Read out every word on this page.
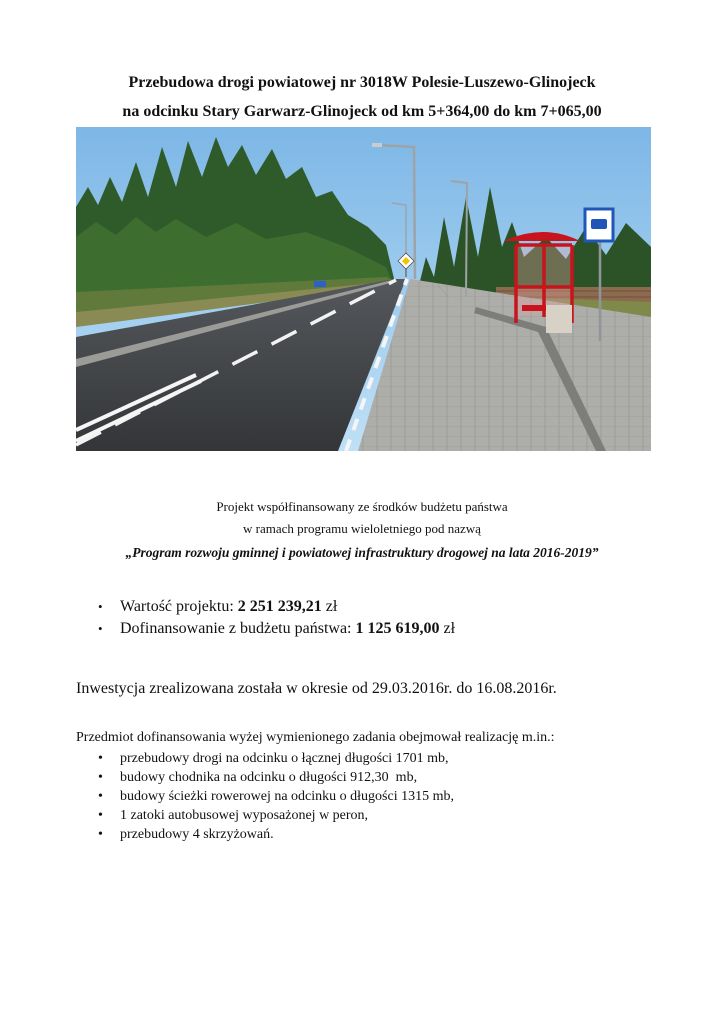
Przebudowa drogi powiatowej nr 3018W Polesie-Luszewo-Glinojeck
na odcinku Stary Garwarz-Glinojeck od km 5+364,00 do km 7+065,00
Projekt współfinansowany ze środków budżetu państwa
w ramach programu wieloletniego pod nazwą
„Program rozwoju gminnej i powiatowej infrastruktury drogowej na lata 2016-2019”
• Wartość projektu: 2 251 239,21 zł
• Dofinansowanie z budżetu państwa: 1 125 619,00 zł
Inwestycja zrealizowana została w okresie od 29.03.2016r. do 16.08.2016r.
Przedmiot dofinansowania wyżej wymienionego zadania obejmował realizację m.in.:
• przebudowy drogi na odcinku o łącznej długości 1701 mb,
• budowy chodnika na odcinku o długości 912,30  mb,
• budowy ścieżki rowerowej na odcinku o długości 1315 mb,
• 1 zatoki autobusowej wyposażonej w peron,
• przebudowy 4 skrzyżowań.
